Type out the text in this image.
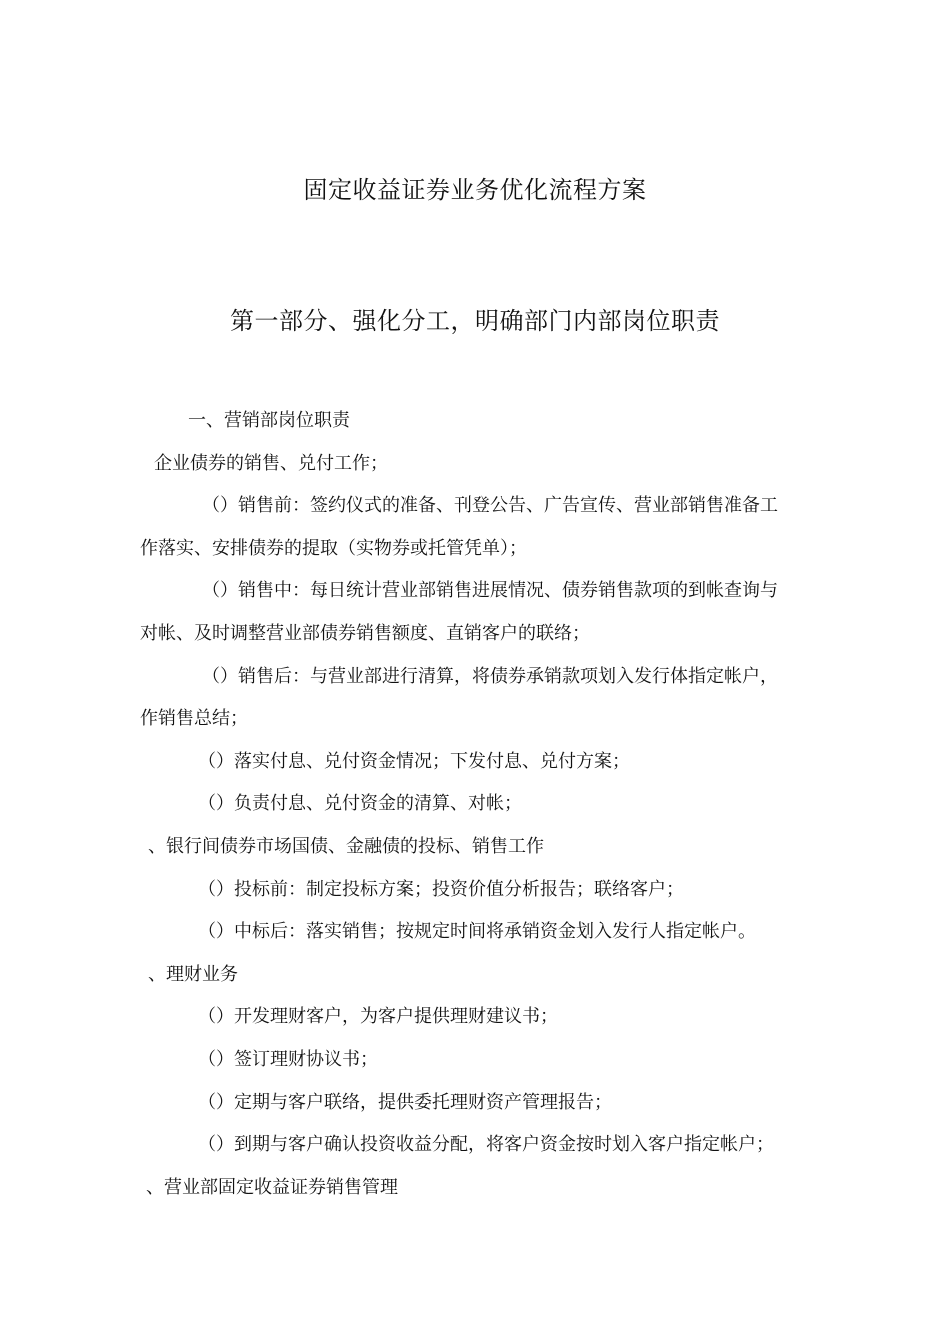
固定收益证券业务优化流程方案
第一部分、强化分工，明确部门内部岗位职责
一、营销部岗位职责
企业债券的销售、兑付工作；
（）销售前：签约仪式的准备、刊登公告、广告宣传、营业部销售准备工
作落实、安排债券的提取（实物券或托管凭单）；
（）销售中：每日统计营业部销售进展情况、债券销售款项的到帐查询与
对帐、及时调整营业部债券销售额度、直销客户的联络；
（）销售后：与营业部进行清算，将债券承销款项划入发行体指定帐户，
作销售总结；
（）落实付息、兑付资金情况；下发付息、兑付方案；
（）负责付息、兑付资金的清算、对帐；
、银行间债券市场国债、金融债的投标、销售工作
（）投标前：制定投标方案；投资价值分析报告；联络客户；
（）中标后：落实销售；按规定时间将承销资金划入发行人指定帐户。
、理财业务
（）开发理财客户，为客户提供理财建议书；
（）签订理财协议书；
（）定期与客户联络，提供委托理财资产管理报告；
（）到期与客户确认投资收益分配，将客户资金按时划入客户指定帐户；
、营业部固定收益证券销售管理
